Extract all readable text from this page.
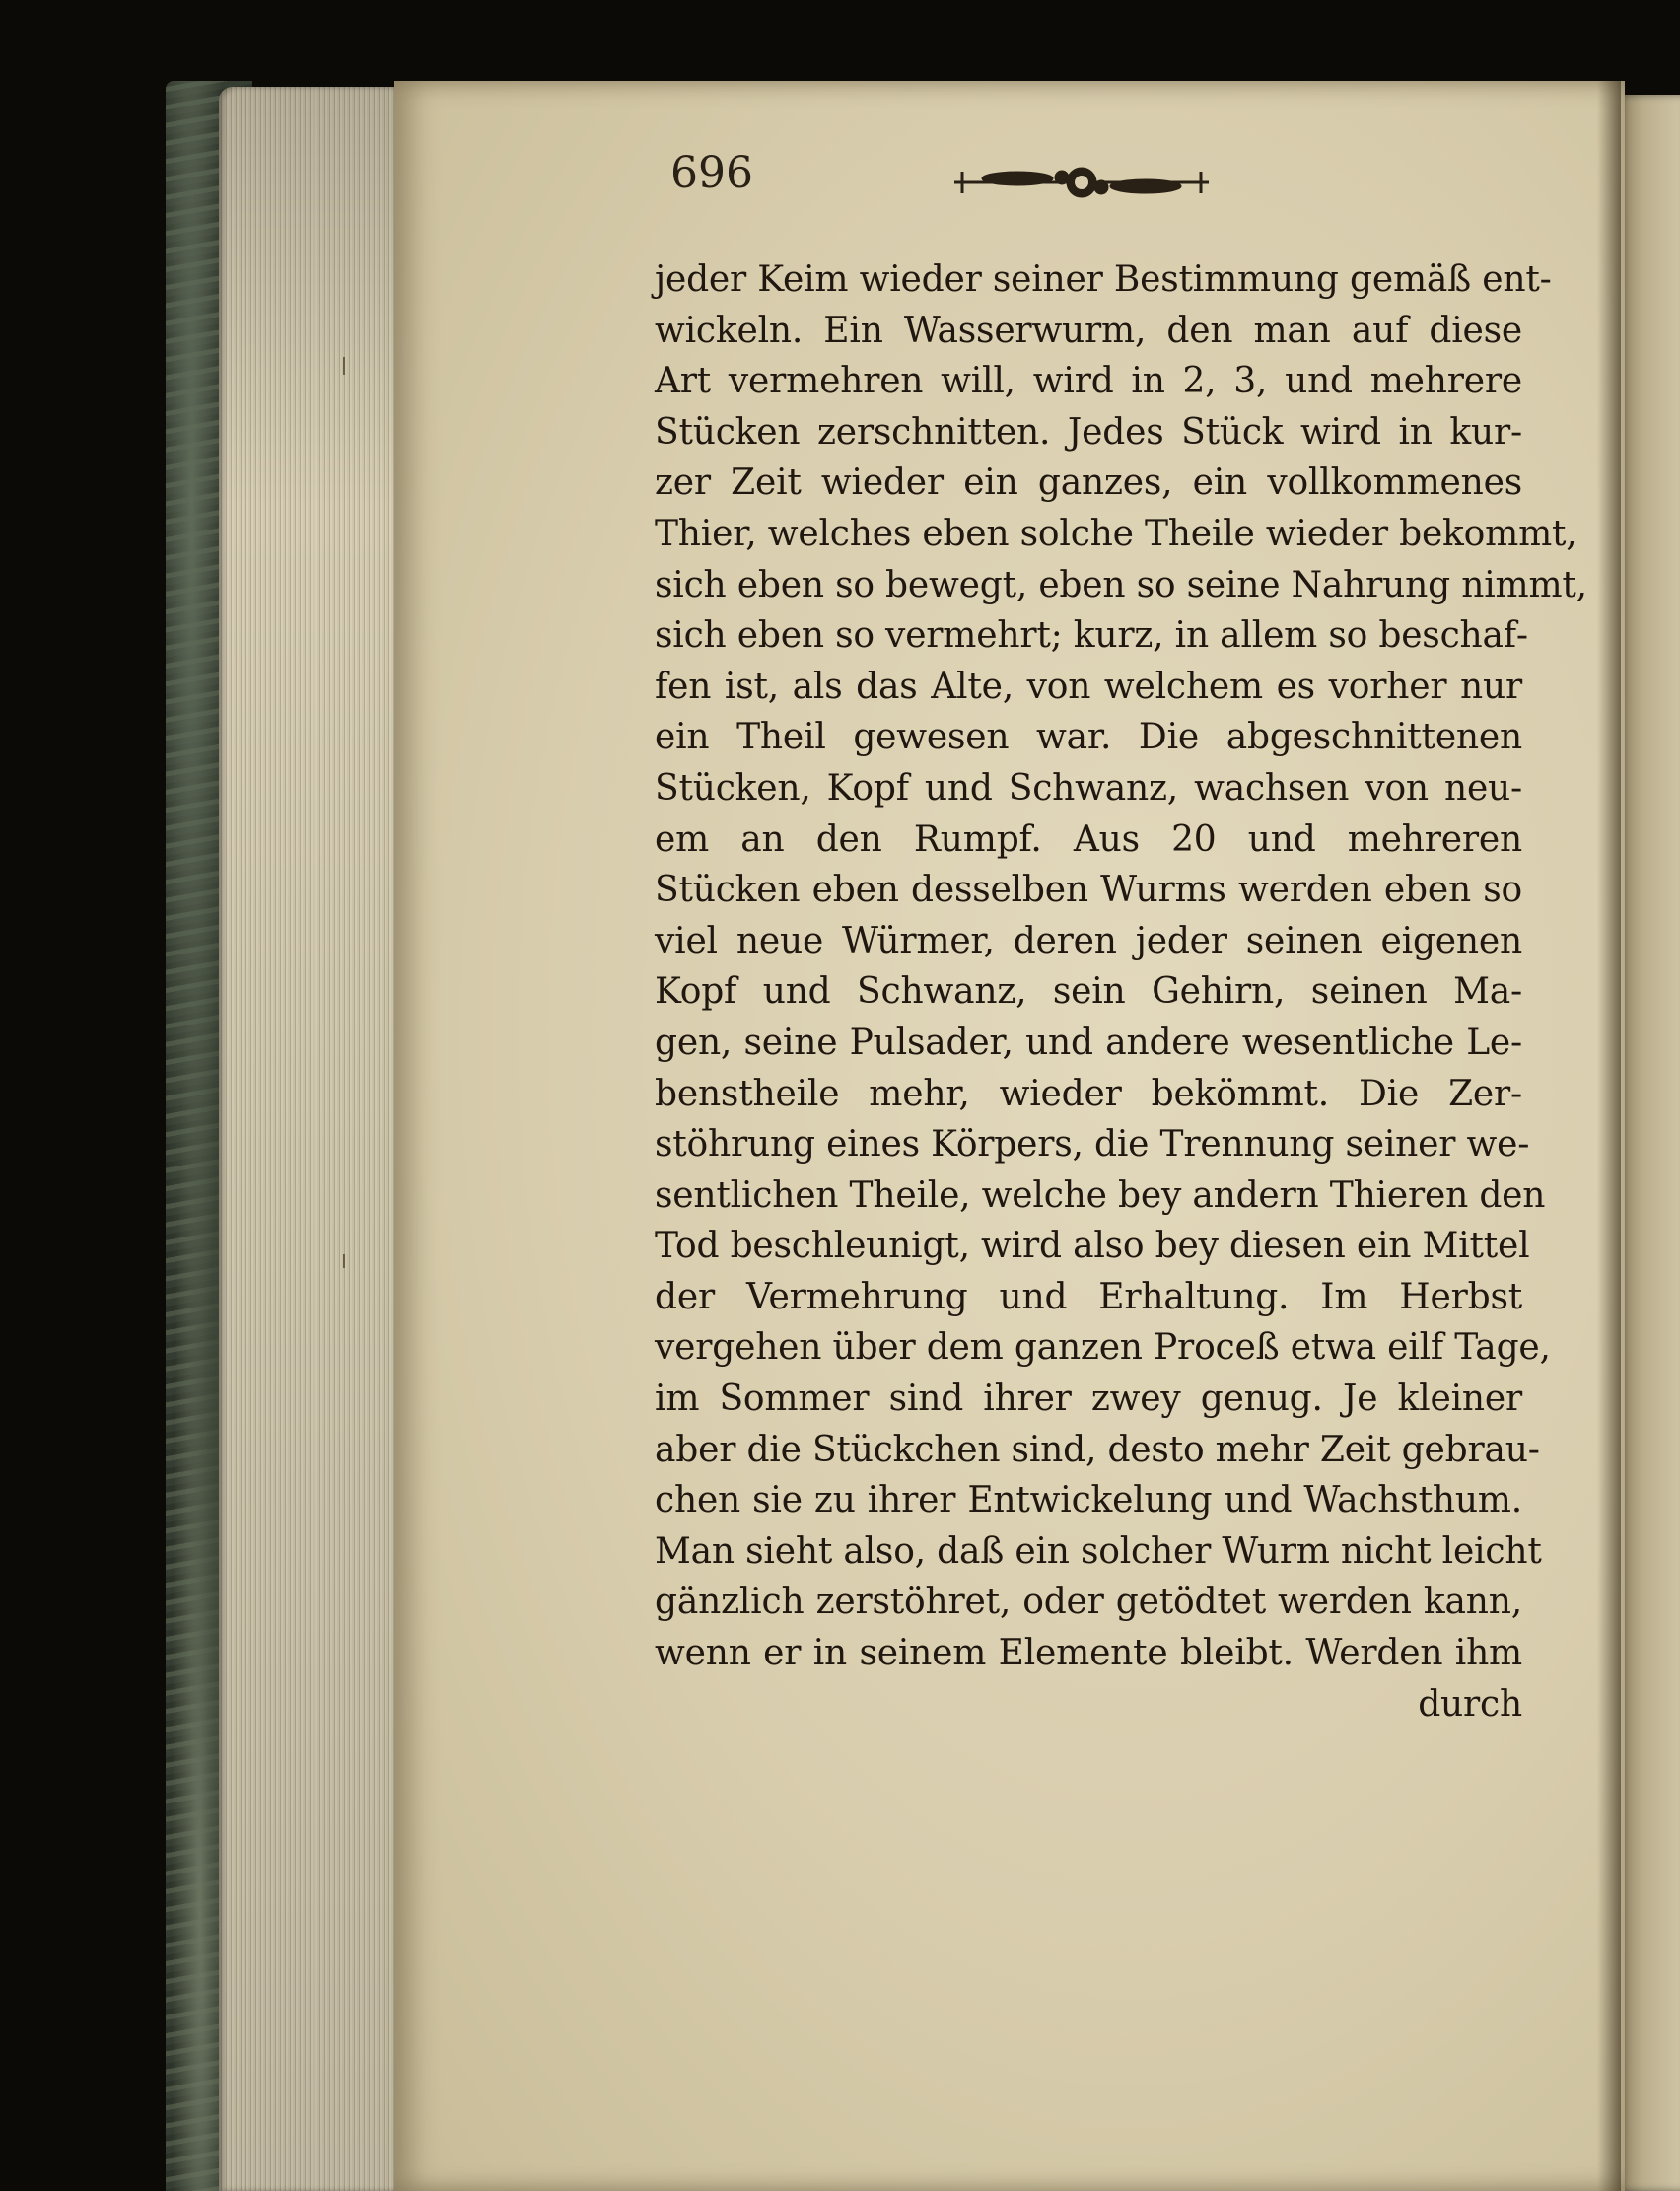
696
jeder Keim wieder seiner Bestimmung gemäß ent‑
wickeln. Ein Wasserwurm, den man auf diese
Art vermehren will, wird in 2, 3, und mehrere
Stücken zerschnitten. Jedes Stück wird in kur‑
zer Zeit wieder ein ganzes, ein vollkommenes
Thier, welches eben solche Theile wieder bekommt,
sich eben so bewegt, eben so seine Nahrung nimmt,
sich eben so vermehrt; kurz, in allem so beschaf‑
fen ist, als das Alte, von welchem es vorher nur
ein Theil gewesen war. Die abgeschnittenen
Stücken, Kopf und Schwanz, wachsen von neu‑
em an den Rumpf. Aus 20 und mehreren
Stücken eben desselben Wurms werden eben so
viel neue Würmer, deren jeder seinen eigenen
Kopf und Schwanz, sein Gehirn, seinen Ma‑
gen, seine Pulsader, und andere wesentliche Le‑
benstheile mehr, wieder bekömmt. Die Zer‑
stöhrung eines Körpers, die Trennung seiner we‑
sentlichen Theile, welche bey andern Thieren den
Tod beschleunigt, wird also bey diesen ein Mittel
der Vermehrung und Erhaltung. Im Herbst
vergehen über dem ganzen Proceß etwa eilf Tage,
im Sommer sind ihrer zwey genug. Je kleiner
aber die Stückchen sind, desto mehr Zeit gebrau‑
chen sie zu ihrer Entwickelung und Wachsthum.
Man sieht also, daß ein solcher Wurm nicht leicht
gänzlich zerstöhret, oder getödtet werden kann,
wenn er in seinem Elemente bleibt. Werden ihm
durch
